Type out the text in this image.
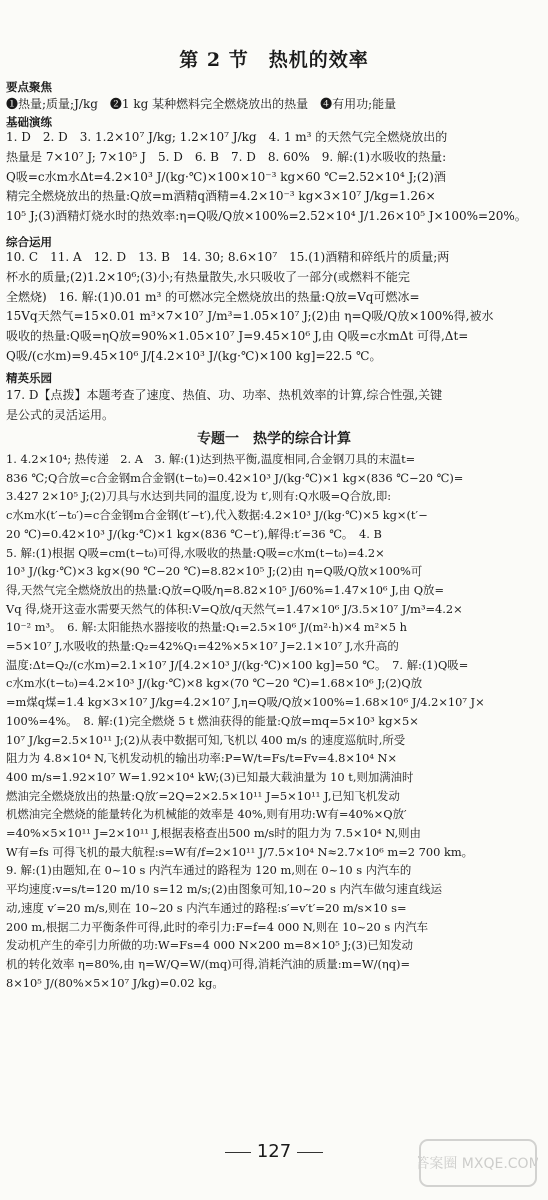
第 2 节　热机的效率
要点聚焦
❶热量;质量;J/kg　❷1 kg 某种燃料完全燃烧放出的热量　❹有用功;能量
基础演练
1. D　2. D　3. 1.2×10⁷ J/kg; 1.2×10⁷ J/kg　4. 1 m³ 的天然气完全燃烧放出的
热量是 7×10⁷ J; 7×10⁵ J　5. D　6. B　7. D　8. 60%　9. 解:(1)水吸收的热量:
Q吸=c水m水Δt=4.2×10³ J/(kg·℃)×100×10⁻³ kg×60 ℃=2.52×10⁴ J;(2)酒
精完全燃烧放出的热量:Q放=m酒精q酒精=4.2×10⁻³ kg×3×10⁷ J/kg=1.26×
10⁵ J;(3)酒精灯烧水时的热效率:η=Q吸/Q放×100%=2.52×10⁴ J/1.26×10⁵ J×100%=20%。
综合运用
10. C　11. A　12. D　13. B　14. 30; 8.6×10⁷　15.(1)酒精和碎纸片的质量;两
杯水的质量;(2)1.2×10⁶;(3)小;有热量散失,水只吸收了一部分(或燃料不能完
全燃烧)　16. 解:(1)0.01 m³ 的可燃冰完全燃烧放出的热量:Q放=Vq可燃冰=
15Vq天然气=15×0.01 m³×7×10⁷ J/m³=1.05×10⁷ J;(2)由 η=Q吸/Q放×100%得,被水
吸收的热量:Q吸=ηQ放=90%×1.05×10⁷ J=9.45×10⁶ J,由 Q吸=c水mΔt 可得,Δt=
Q吸/(c水m)=9.45×10⁶ J/[4.2×10³ J/(kg·℃)×100 kg]=22.5 ℃。
精英乐园
17. D【点拨】本题考查了速度、热值、功、功率、热机效率的计算,综合性强,关键
是公式的灵活运用。
专题一　热学的综合计算
1. 4.2×10⁴; 热传递　2. A　3. 解:(1)达到热平衡,温度相同,合金钢刀具的末温t=
836 ℃;Q合放=c合金钢m合金钢(t−t₀)=0.42×10³ J/(kg·℃)×1 kg×(836 ℃−20 ℃)=
3.427 2×10⁵ J;(2)刀具与水达到共同的温度,设为 t′,则有:Q水吸=Q合放,即:
c水m水(t′−t₀′)=c合金钢m合金钢(t′−t′),代入数据:4.2×10³ J/(kg·℃)×5 kg×(t′−
20 ℃)=0.42×10³ J/(kg·℃)×1 kg×(836 ℃−t′),解得:t′=36 ℃。　4. B
5. 解:(1)根据 Q吸=cm(t−t₀)可得,水吸收的热量:Q吸=c水m(t−t₀)=4.2×
10³ J/(kg·℃)×3 kg×(90 ℃−20 ℃)=8.82×10⁵ J;(2)由 η=Q吸/Q放×100%可
得,天然气完全燃烧放出的热量:Q放=Q吸/η=8.82×10⁵ J/60%=1.47×10⁶ J,由 Q放=
Vq 得,烧开这壶水需要天然气的体积:V=Q放/q天然气=1.47×10⁶ J/3.5×10⁷ J/m³=4.2×
10⁻² m³。　6. 解:太阳能热水器接收的热量:Q₁=2.5×10⁶ J/(m²·h)×4 m²×5 h
=5×10⁷ J,水吸收的热量:Q₂=42%Q₁=42%×5×10⁷ J=2.1×10⁷ J,水升高的
温度:Δt=Q₂/(c水m)=2.1×10⁷ J/[4.2×10³ J/(kg·℃)×100 kg]=50 ℃。　7. 解:(1)Q吸=
c水m水(t−t₀)=4.2×10³ J/(kg·℃)×8 kg×(70 ℃−20 ℃)=1.68×10⁶ J;(2)Q放
=m煤q煤=1.4 kg×3×10⁷ J/kg=4.2×10⁷ J,η=Q吸/Q放×100%=1.68×10⁶ J/4.2×10⁷ J×
100%=4%。　8. 解:(1)完全燃烧 5 t 燃油获得的能量:Q放=mq=5×10³ kg×5×
10⁷ J/kg=2.5×10¹¹ J;(2)从表中数据可知,飞机以 400 m/s 的速度巡航时,所受
阻力为 4.8×10⁴ N,飞机发动机的输出功率:P=W/t=Fs/t=Fv=4.8×10⁴ N×
400 m/s=1.92×10⁷ W=1.92×10⁴ kW;(3)已知最大载油量为 10 t,则加满油时
燃油完全燃烧放出的热量:Q放′=2Q=2×2.5×10¹¹ J=5×10¹¹ J,已知飞机发动
机燃油完全燃烧的能量转化为机械能的效率是 40%,则有用功:W有=40%×Q放′
=40%×5×10¹¹ J=2×10¹¹ J,根据表格查出500 m/s时的阻力为 7.5×10⁴ N,则由
W有=fs 可得飞机的最大航程:s=W有/f=2×10¹¹ J/7.5×10⁴ N≈2.7×10⁶ m=2 700 km。
9. 解:(1)由题知,在 0~10 s 内汽车通过的路程为 120 m,则在 0~10 s 内汽车的
平均速度:v=s/t=120 m/10 s=12 m/s;(2)由图象可知,10~20 s 内汽车做匀速直线运
动,速度 v′=20 m/s,则在 10~20 s 内汽车通过的路程:s′=v′t′=20 m/s×10 s=
200 m,根据二力平衡条件可得,此时的牵引力:F=f=4 000 N,则在 10~20 s 内汽车
发动机产生的牵引力所做的功:W=Fs=4 000 N×200 m=8×10⁵ J;(3)已知发动
机的转化效率 η=80%,由 η=W/Q=W/(mq)可得,消耗汽油的质量:m=W/(ηq)=
8×10⁵ J/(80%×5×10⁷ J/kg)=0.02 kg。
127
答案圈 MXQE.COM
